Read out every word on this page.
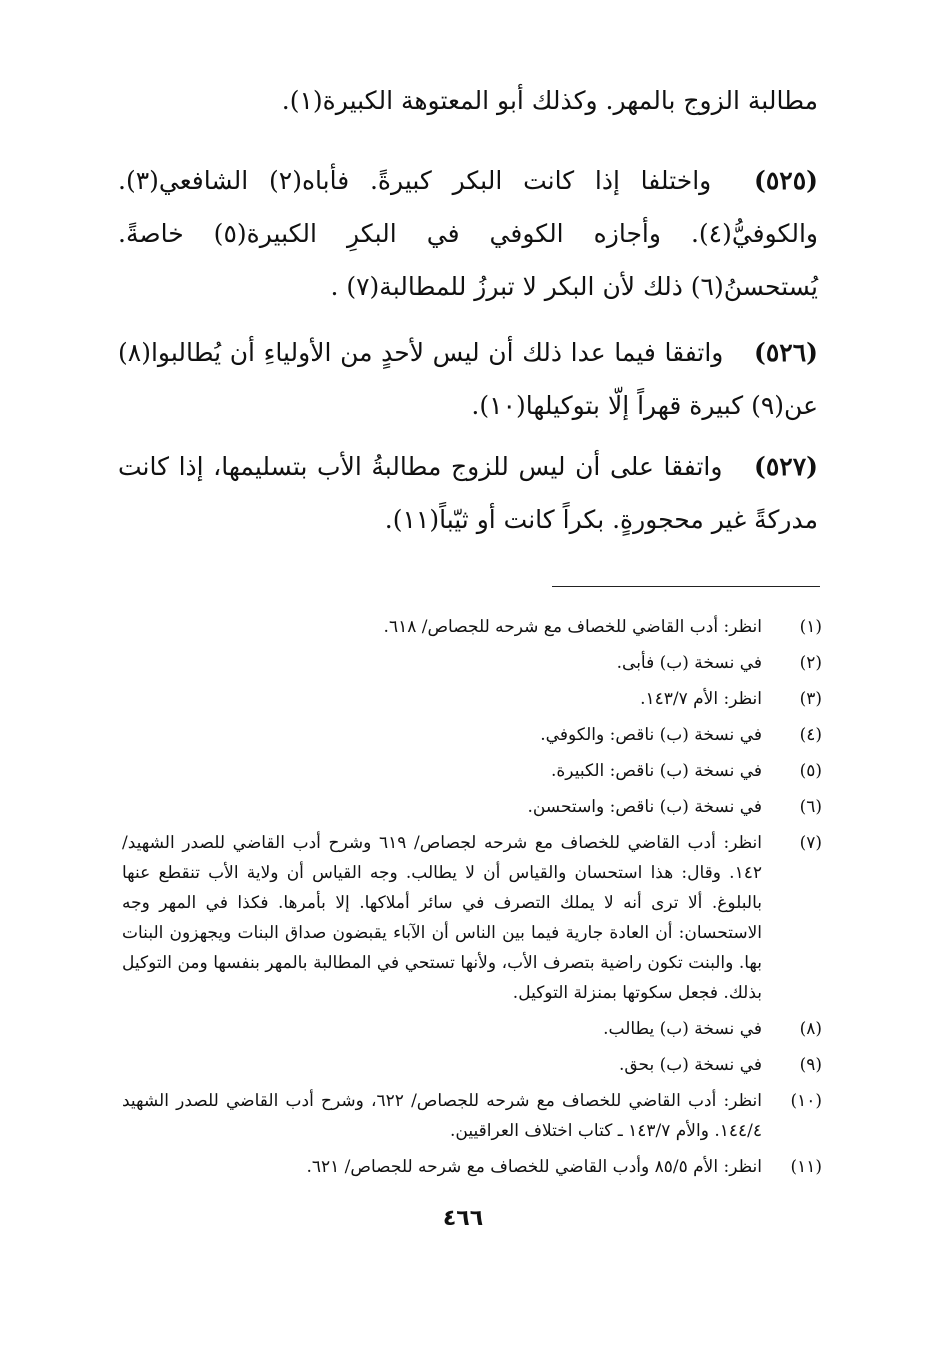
مطالبة الزوج بالمهر. وكذلك أبو المعتوهة الكبيرة(١).
(٥٢٥) واختلفا إذا كانت البكر كبيرةً. فأباه(٢) الشافعي(٣). والكوفيُّ(٤). وأجازه الكوفي في البكرِ الكبيرة(٥) خاصةً. يُستحسنُ(٦) ذلك لأن البكر لا تبرزُ للمطالبة(٧) .
(٥٢٦) واتفقا فيما عدا ذلك أن ليس لأحدٍ من الأولياءِ أن يُطالبوا(٨) عن(٩) كبيرة قهراً إلّا بتوكيلها(١٠).
(٥٢٧) واتفقا على أن ليس للزوج مطالبةُ الأب بتسليمها، إذا كانت مدركةً غير محجورةٍ. بكراً كانت أو ثيّباً(١١).
(١)
انظر: أدب القاضي للخصاف مع شرحه للجصاص/ ٦١٨.
(٢)
في نسخة (ب) فأبى.
(٣)
انظر: الأم ١٤٣/٧.
(٤)
في نسخة (ب) ناقص: والكوفي.
(٥)
في نسخة (ب) ناقص: الكبيرة.
(٦)
في نسخة (ب) ناقص: واستحسن.
(٧)
انظر: أدب القاضي للخصاف مع شرحه لجصاص/ ٦١٩ وشرح أدب القاضي للصدر الشهيد/ ١٤٢. وقال: هذا استحسان والقياس أن لا يطالب. وجه القياس أن ولاية الأب تنقطع عنها بالبلوغ. ألا ترى أنه لا يملك التصرف في سائر أملاكها. إلا بأمرها. فكذا في المهر وجه الاستحسان: أن العادة جارية فيما بين الناس أن الآباء يقبضون صداق البنات ويجهزون البنات بها. والبنت تكون راضية بتصرف الأب، ولأنها تستحي في المطالبة بالمهر بنفسها ومن التوكيل بذلك. فجعل سكوتها بمنزلة التوكيل.
(٨)
في نسخة (ب) يطالب.
(٩)
في نسخة (ب) بحق.
(١٠)
انظر: أدب القاضي للخصاف مع شرحه للجصاص/ ٦٢٢، وشرح أدب القاضي للصدر الشهيد ١٤٤/٤. والأم ١٤٣/٧ ـ كتاب اختلاف العراقيين.
(١١)
انظر: الأم ٨٥/٥ وأدب القاضي للخصاف مع شرحه للجصاص/ ٦٢١.
٤٦٦
